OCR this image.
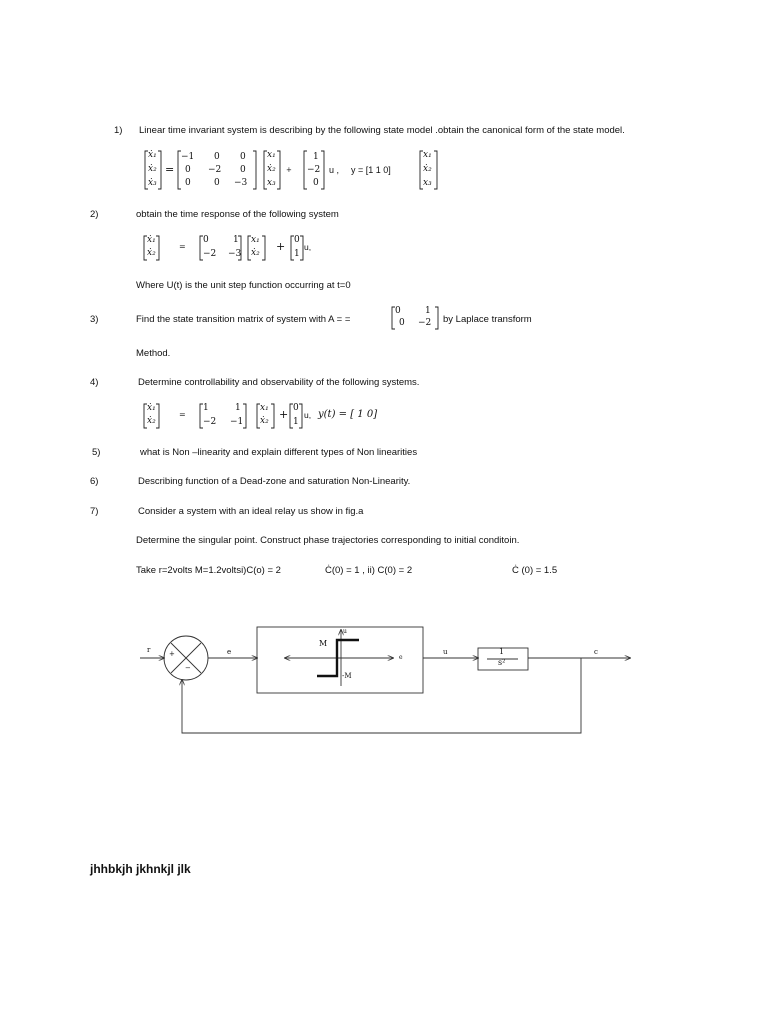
1) Linear time invariant system is describing by the following state model .obtain the canonical form of the state model.
ẋ₁
ẋ₂
ẋ₃
=
−1 0 0
0 −2 0
0	0 −3
x₁
ẋ₂
x₃
+
1
−2
0
u , y = [1 1 0]
x₁
ẋ₂
x₃
2)	obtain the time response of the following system
ẋ₁
ẋ₂
=
0	1
−2 −3
x₁
ẋ₂ + 0
1
u,
Where U(t) is the unit step function occurring at t=0
3)	Find the state transition matrix of system with A = =
0	1
0 −2 by Laplace transform
Method.
4)	Determine controllability and observability of the following systems.
ẋ₁
ẋ₂
=
1	1
−2 −1
x₁
ẋ₂ + 0
1
u, y(t) = [ 1 0]
5)	what is Non –linearity and explain different types of Non linearities
6)	Describing function of a Dead-zone and saturation Non-Linearity.
7)	Consider a system with an ideal relay us show in fig.a
Determine the singular point. Construct phase trajectories corresponding to initial conditoin.
Take r=2volts M=1.2voltsi)C(o) = 2	Ċ(0) = 1 , ii) C(0) = 2	Ċ (0) = 1.5
r	+
−
e
M
u
-M
e
u	1
s²
c
jhhbkjh jkhnkjl jlk
